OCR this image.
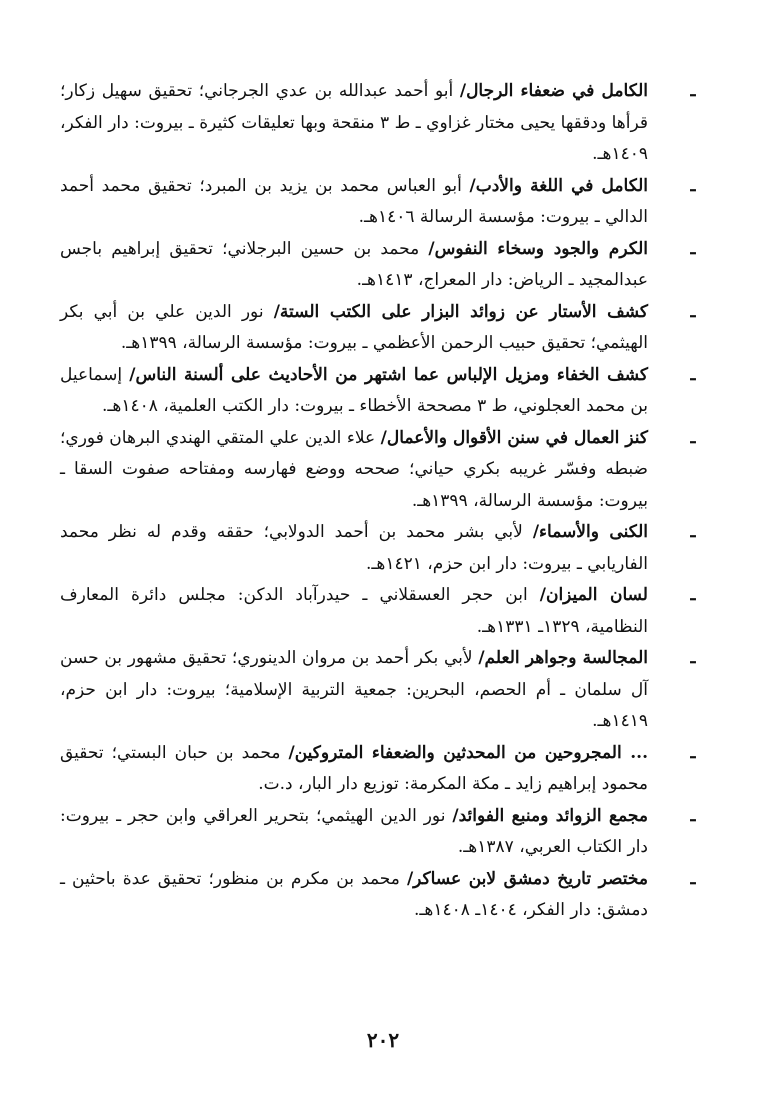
ـ
الكامل في ضعفاء الرجال/ أبو أحمد عبدالله بن عدي الجرجاني؛ تحقيق سهيل زكار؛ قرأها ودققها يحيى مختار غزاوي ـ ط ٣ منقحة وبها تعليقات كثيرة ـ بيروت: دار الفكر، ١٤٠٩هـ.
ـ
الكامل في اللغة والأدب/ أبو العباس محمد بن يزيد بن المبرد؛ تحقيق محمد أحمد الدالي ـ بيروت: مؤسسة الرسالة ١٤٠٦هـ.
ـ
الكرم والجود وسخاء النفوس/ محمد بن حسين البرجلاني؛ تحقيق إبراهيم باجس عبدالمجيد ـ الرياض: دار المعراج، ١٤١٣هـ.
ـ
كشف الأستار عن زوائد البزار على الكتب الستة/ نور الدين علي بن أبي بكر الهيثمي؛ تحقيق حبيب الرحمن الأعظمي ـ بيروت: مؤسسة الرسالة، ١٣٩٩هـ.
ـ
كشف الخفاء ومزيل الإلباس عما اشتهر من الأحاديث على ألسنة الناس/ إسماعيل بن محمد العجلوني، ط ٣ مصححة الأخطاء ـ بيروت: دار الكتب العلمية، ١٤٠٨هـ.
ـ
كنز العمال في سنن الأقوال والأعمال/ علاء الدين علي المتقي الهندي البرهان فوري؛ ضبطه وفسّر غريبه بكري حياني؛ صححه ووضع فهارسه ومفتاحه صفوت السقا ـ بيروت: مؤسسة الرسالة، ١٣٩٩هـ.
ـ
الكنى والأسماء/ لأبي بشر محمد بن أحمد الدولابي؛ حققه وقدم له نظر محمد الفاريابي ـ بيروت: دار ابن حزم، ١٤٢١هـ.
ـ
لسان الميزان/ ابن حجر العسقلاني ـ حيدرآباد الدكن: مجلس دائرة المعارف النظامية، ١٣٢٩ـ ١٣٣١هـ.
ـ
المجالسة وجواهر العلم/ لأبي بكر أحمد بن مروان الدينوري؛ تحقيق مشهور بن حسن آل سلمان ـ أم الحصم، البحرين: جمعية التربية الإسلامية؛ بيروت: دار ابن حزم، ١٤١٩هـ.
ـ
... المجروحين من المحدثين والضعفاء المتروكين/ محمد بن حبان البستي؛ تحقيق محمود إبراهيم زايد ـ مكة المكرمة: توزيع دار البار، د.ت.
ـ
مجمع الزوائد ومنبع الفوائد/ نور الدين الهيثمي؛ بتحرير العراقي وابن حجر ـ بيروت: دار الكتاب العربي، ١٣٨٧هـ.
ـ
مختصر تاريخ دمشق لابن عساكر/ محمد بن مكرم بن منظور؛ تحقيق عدة باحثين ـ دمشق: دار الفكر، ١٤٠٤ـ ١٤٠٨هـ.
٢٠٢
